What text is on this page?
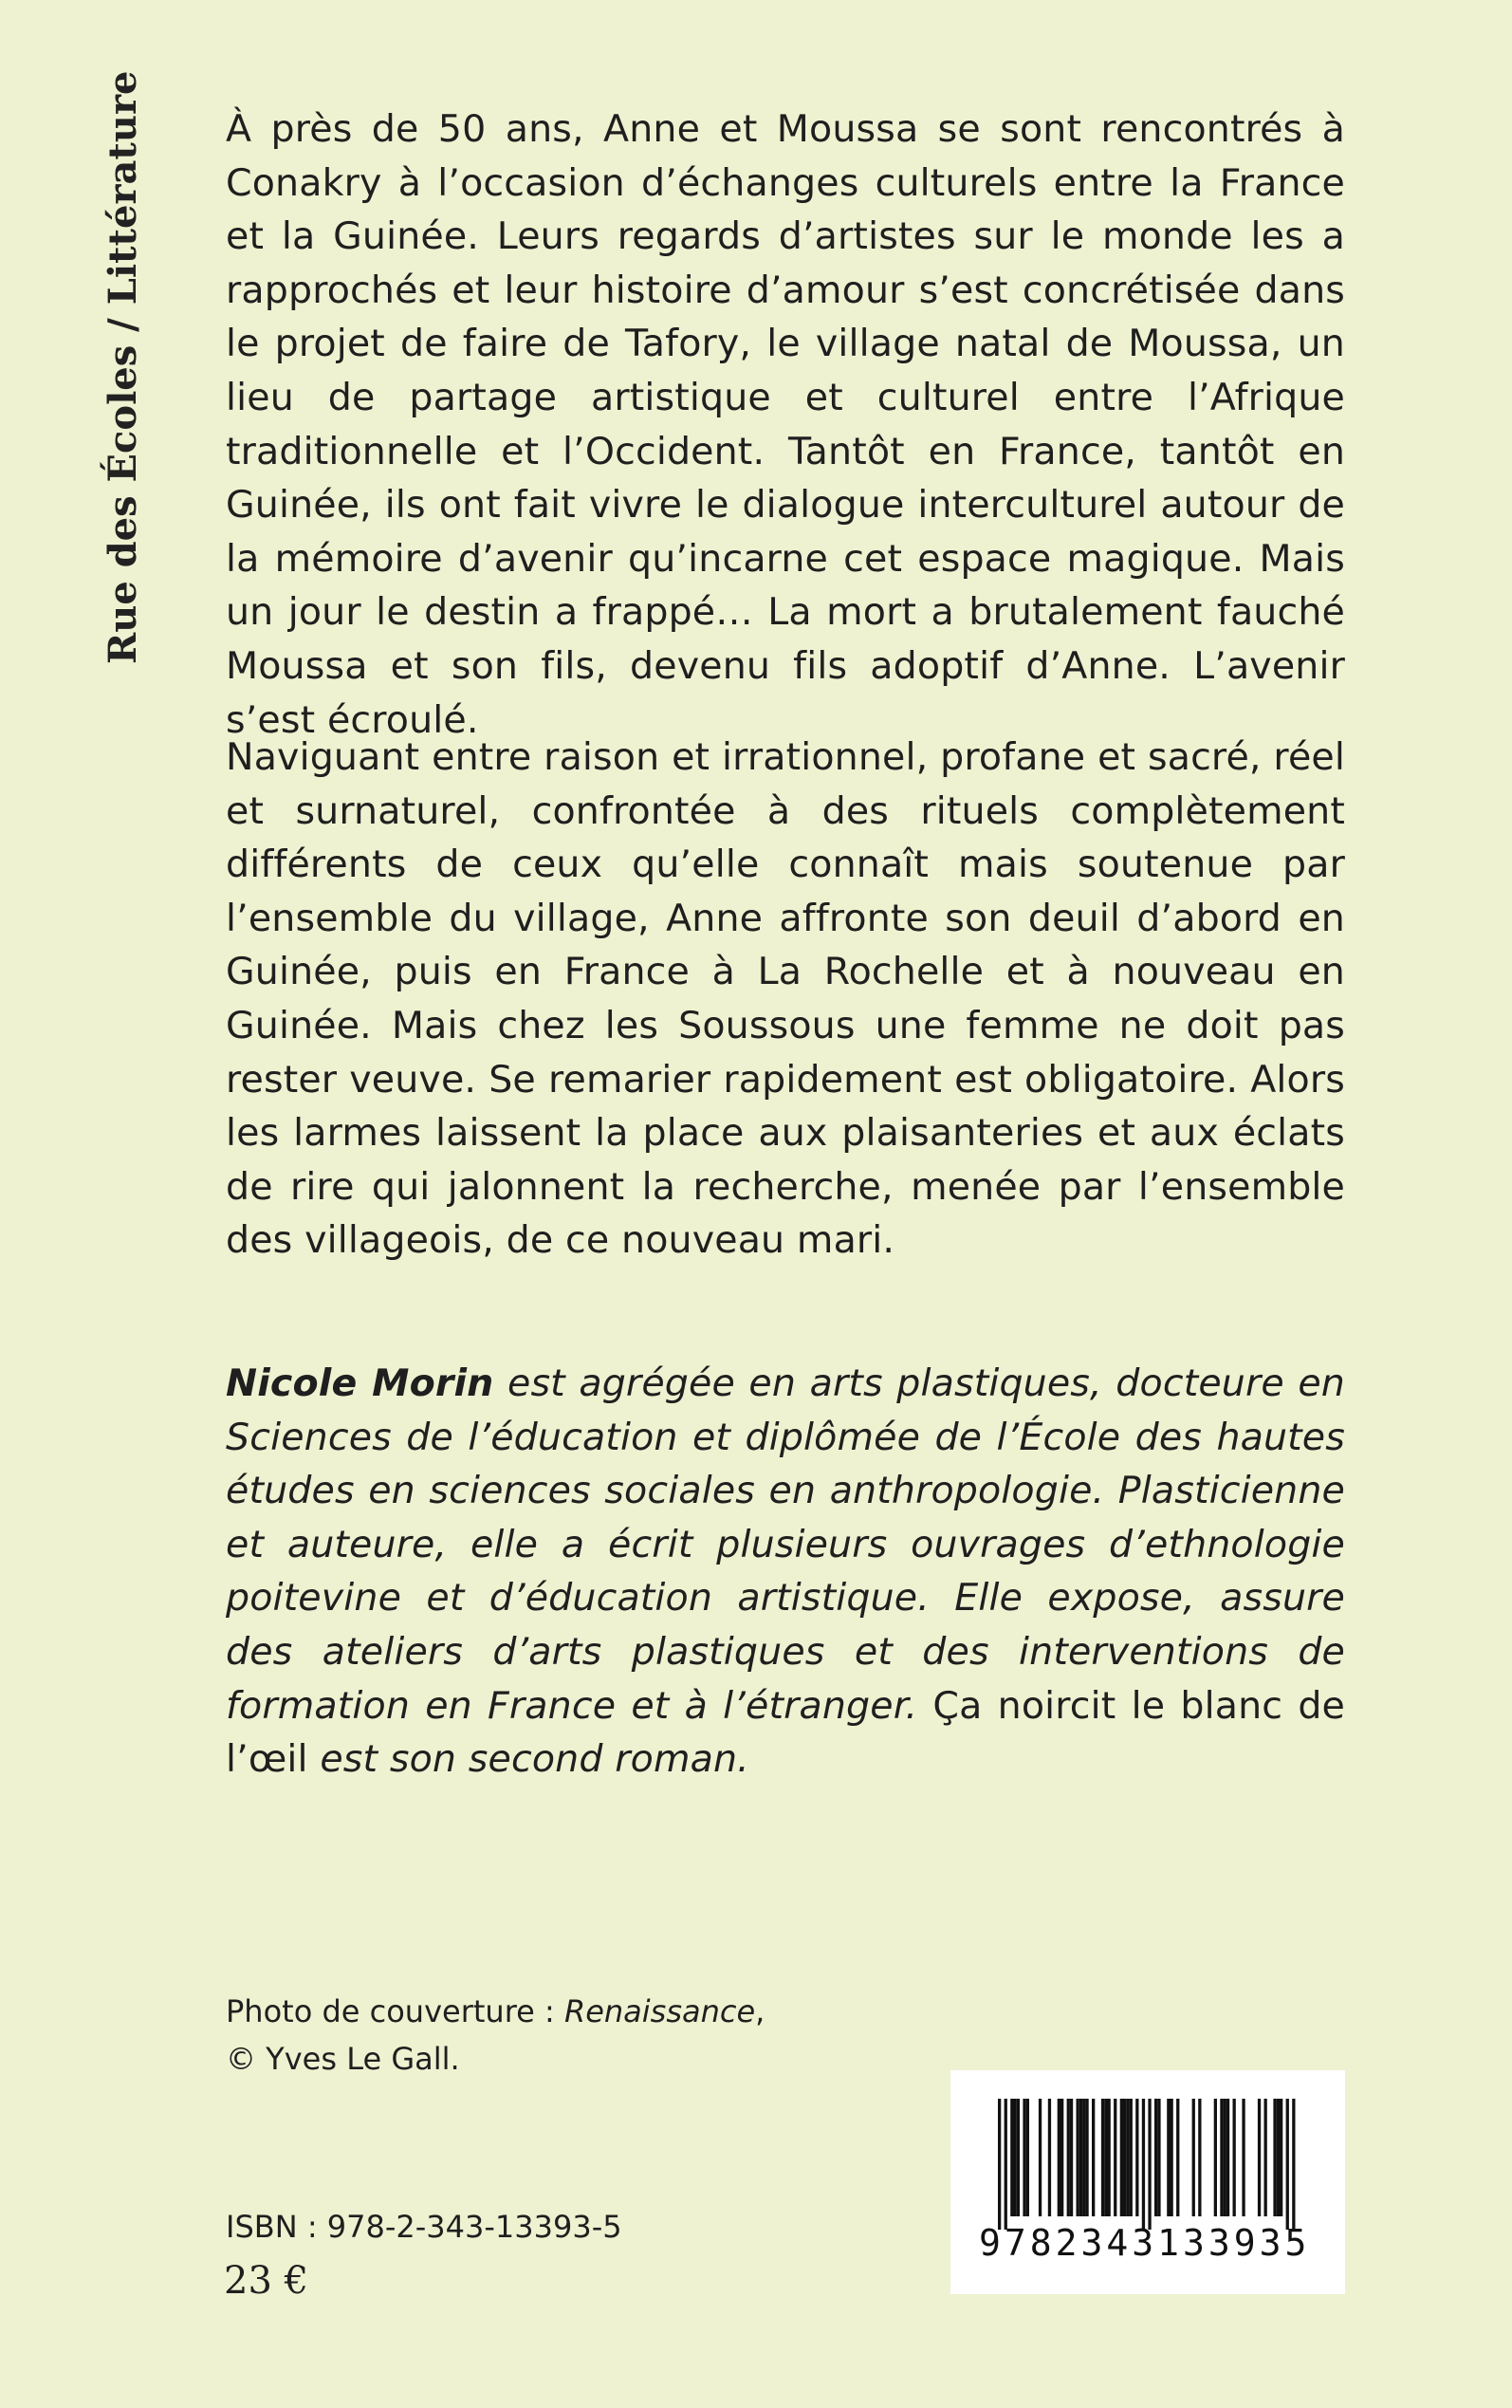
Rue des Écoles / Littérature À près de 50 ans, Anne et Moussa se sont rencontrés à Conakry à l’occasion d’échanges culturels entre la France et la Guinée. Leurs regards d’artistes sur le monde les a rapprochés et leur histoire d’amour s’est concrétisée dans le projet de faire de Tafory, le village natal de Moussa, un lieu de partage artistique et culturel entre l’Afrique traditionnelle et l’Occident. Tantôt en France, tantôt en Guinée, ils ont fait vivre le dialogue interculturel autour de la mémoire d’avenir qu’incarne cet espace magique. Mais un jour le destin a frappé… La mort a brutalement fauché Moussa et son fils, devenu fils adoptif d’Anne. L’avenir s’est écroulé.

Naviguant entre raison et irrationnel, profane et sacré, réel et surnaturel, confrontée à des rituels complètement différents de ceux qu’elle connaît mais soutenue par l’ensemble du village, Anne affronte son deuil d’abord en Guinée, puis en France à La Rochelle et à nouveau en Guinée. Mais chez les Soussous une femme ne doit pas rester veuve. Se remarier rapidement est obligatoire. Alors les larmes laissent la place aux plaisanteries et aux éclats de rire qui jalonnent la recherche, menée par l’ensemble des villageois, de ce nouveau mari.

Nicole Morin est agrégée en arts plastiques, docteure en Sciences de l’éducation et diplômée de l’École des hautes études en sciences sociales en anthropologie. Plasticienne et auteure, elle a écrit plusieurs ouvrages d’ethnologie poitevine et d’éducation artistique. Elle expose, assure des ateliers d’arts plastiques et des interventions de formation en France et à l’étranger. Ça noircit le blanc de l’œil est son second roman.

Photo de couverture : Renaissance,
© Yves Le Gall.
ISBN : 978-2-343-13393-5
23 €
9782343133935
